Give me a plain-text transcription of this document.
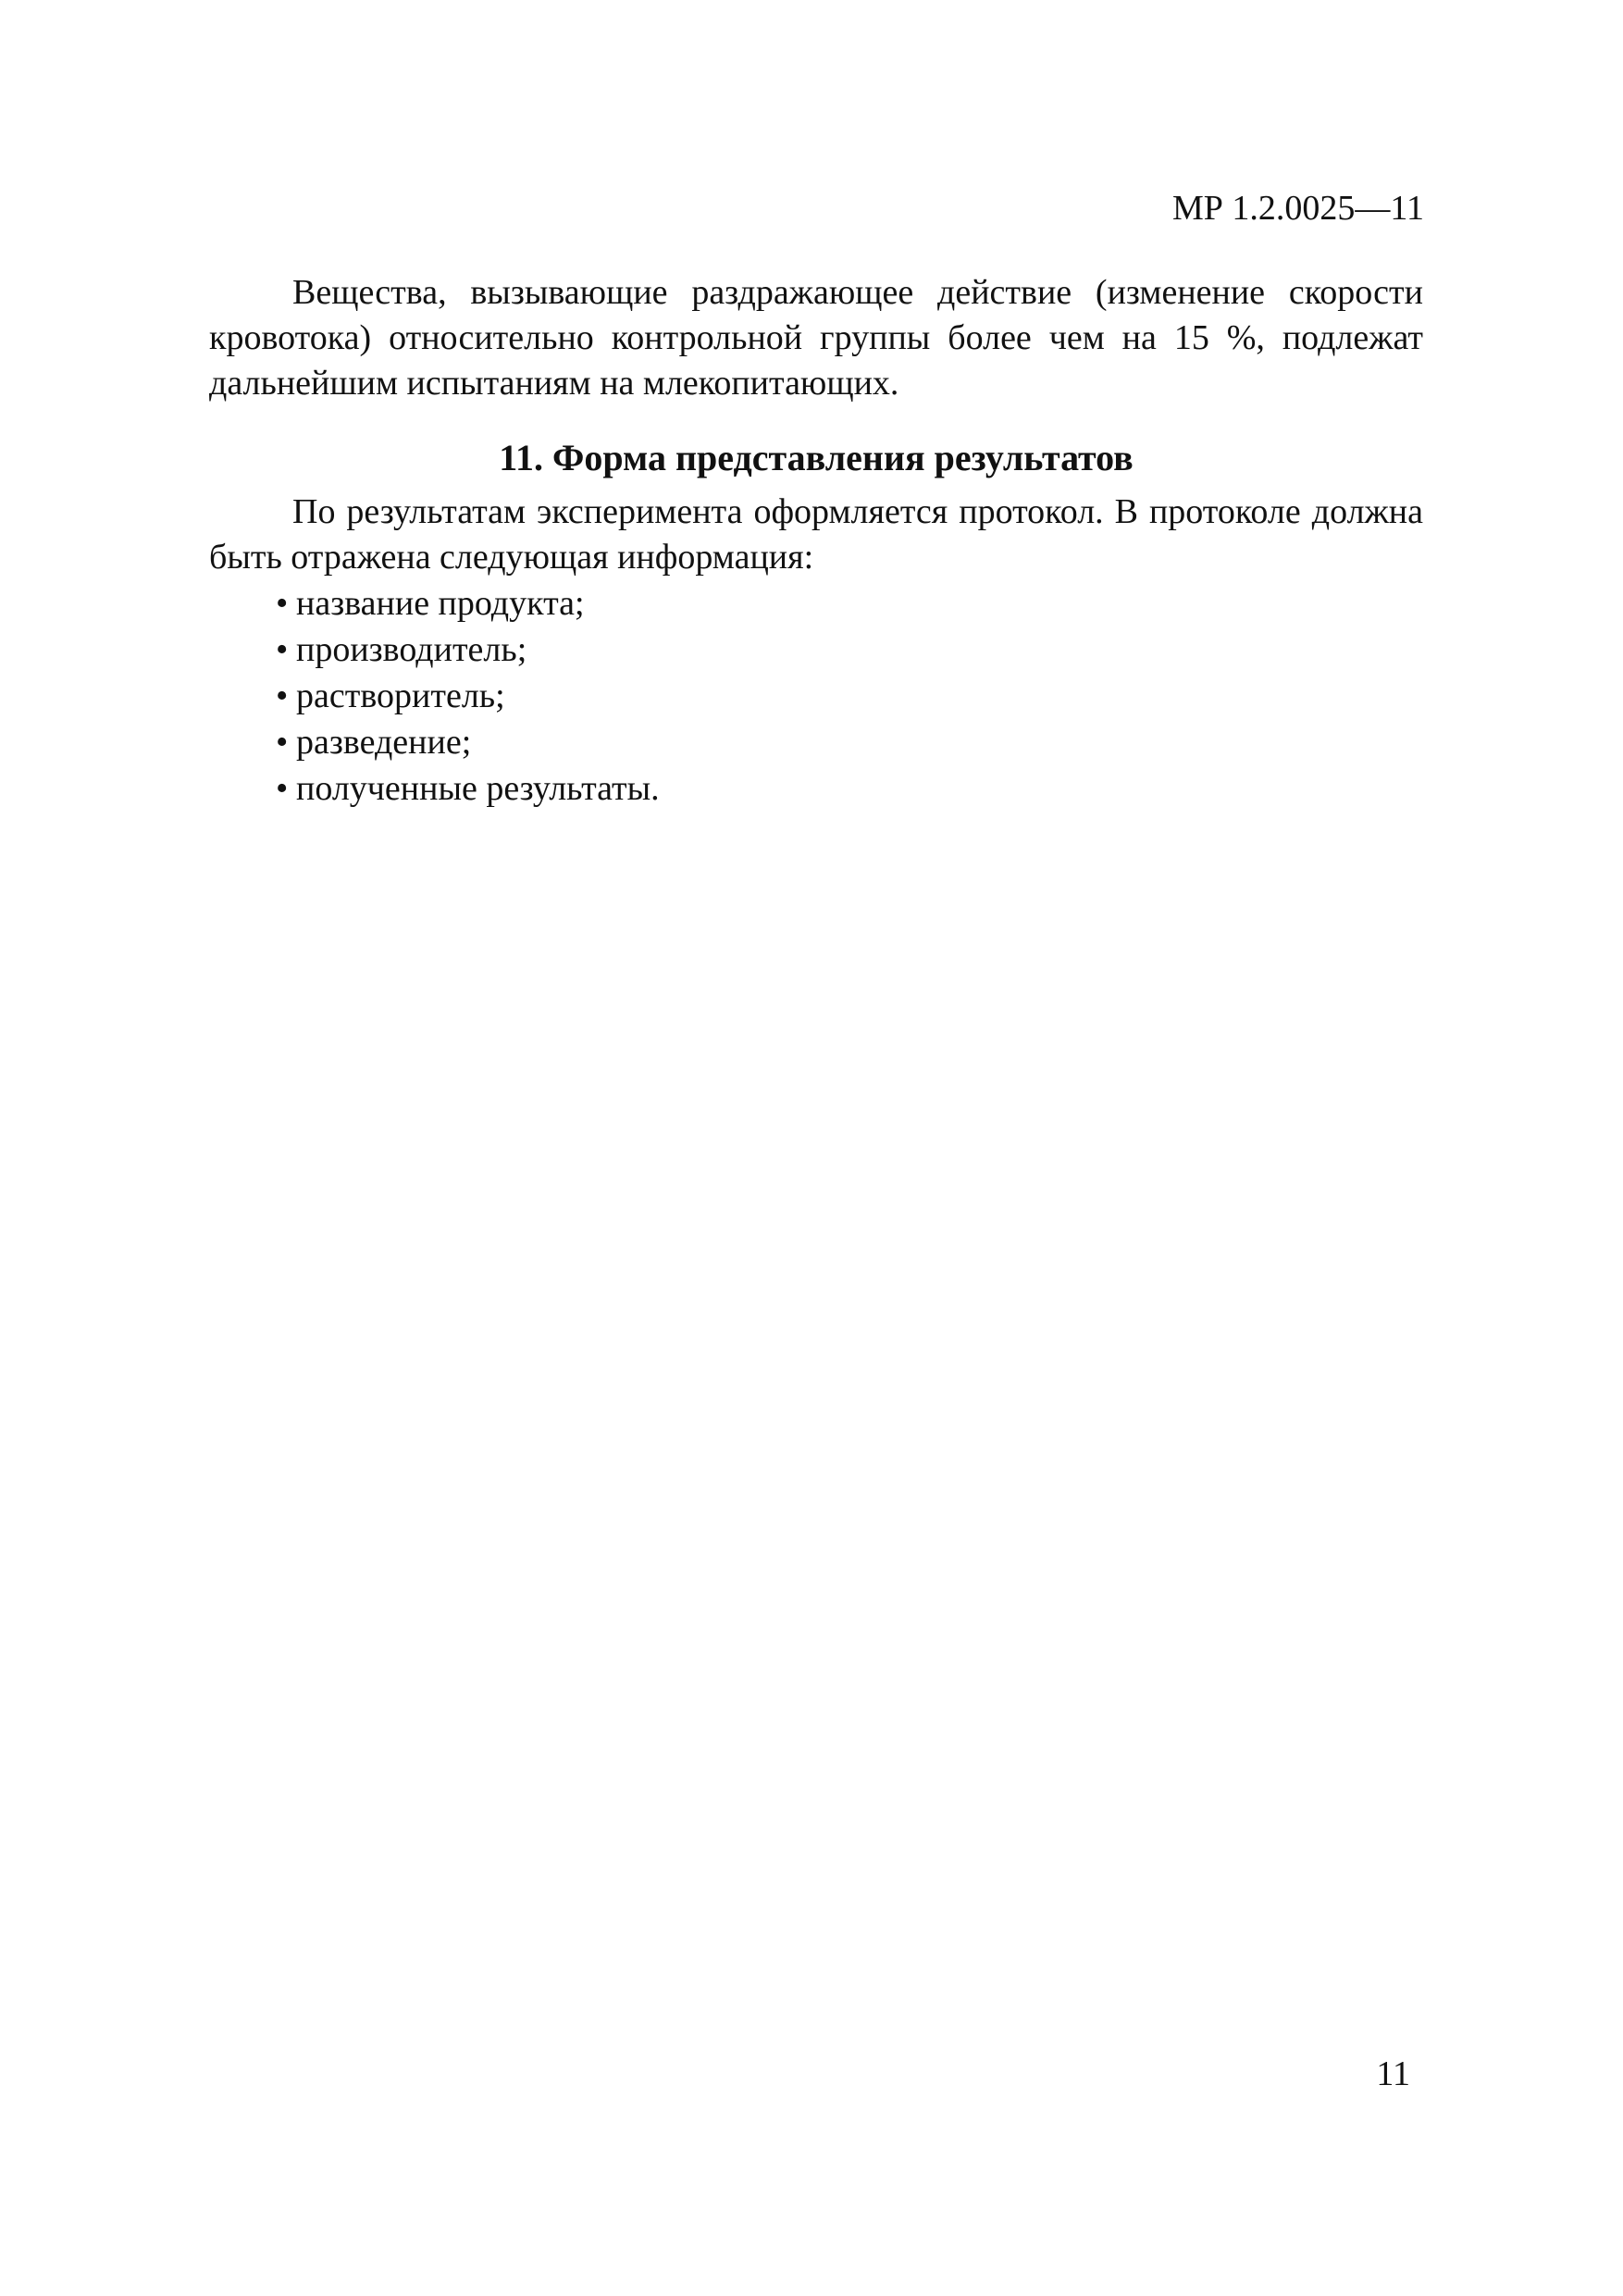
МР 1.2.0025—11

Вещества, вызывающие раздражающее действие (изменение скорости кровотока) относительно контрольной группы более чем на 15 %, подлежат дальнейшим испытаниям на млекопитающих.

11. Форма представления результатов

По результатам эксперимента оформляется протокол. В протоколе должна быть отражена следующая информация:

• название продукта;
• производитель;
• растворитель;
• разведение;
• полученные результаты.
11
